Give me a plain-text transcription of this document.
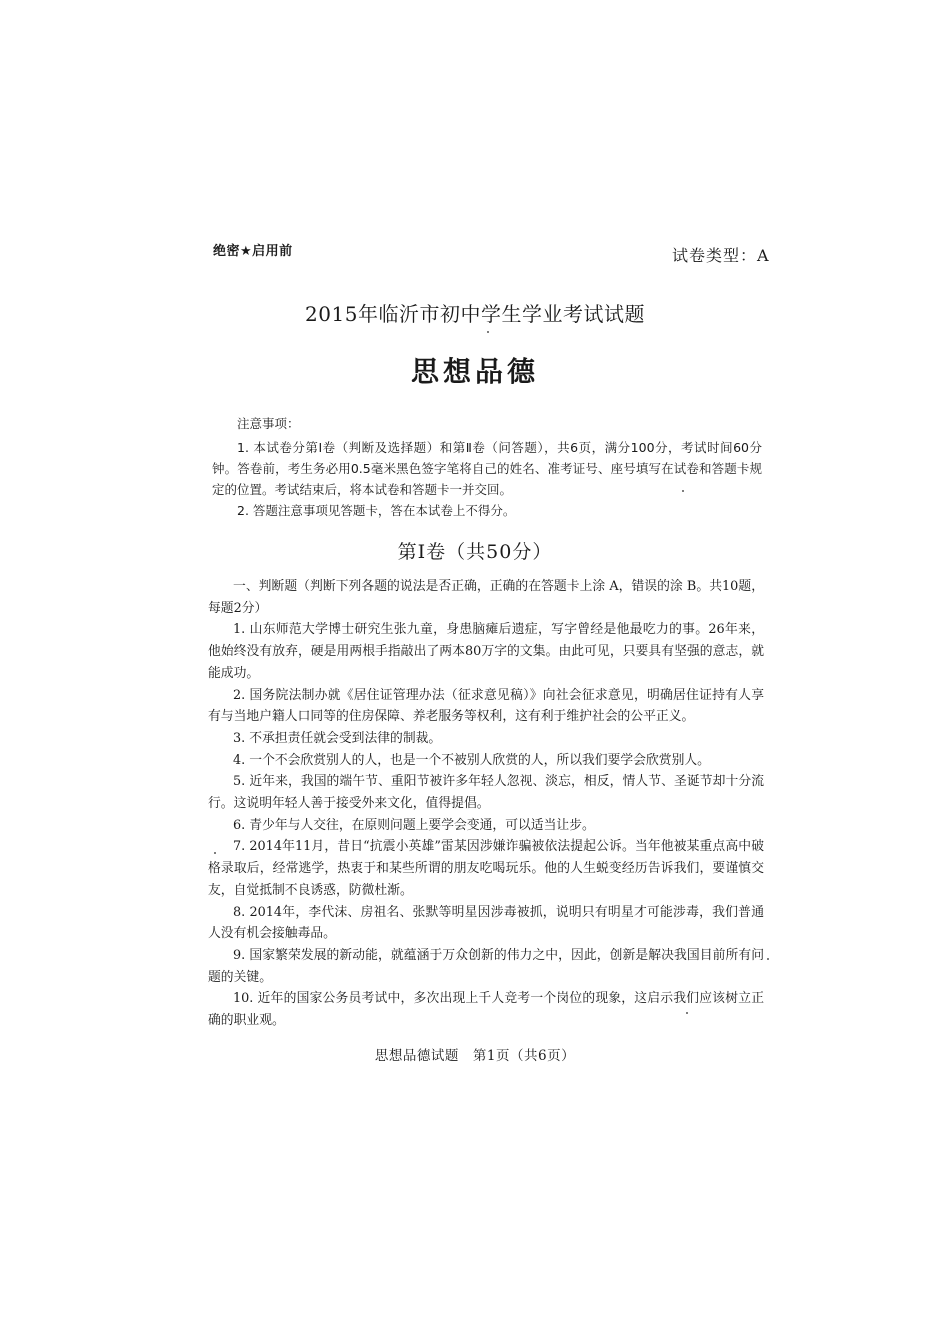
绝密★启用前	试卷类型：A
2015年临沂市初中学生学业考试试题
思想品德
注意事项：

1. 本试卷分第Ⅰ卷（判断及选择题）和第Ⅱ卷（问答题），共6页，满分100分，考试时间60分钟。答卷前，考生务必用0.5毫米黑色签字笔将自己的姓名、准考证号、座号填写在试卷和答题卡规定的位置。考试结束后，将本试卷和答题卡一并交回。

2. 答题注意事项见答题卡，答在本试卷上不得分。

第Ⅰ卷（共50分）

一、判断题（判断下列各题的说法是否正确，正确的在答题卡上涂 A，错误的涂 B。共10题，每题2分）

1. 山东师范大学博士研究生张九童，身患脑瘫后遗症，写字曾经是他最吃力的事。26年来，他始终没有放弃，硬是用两根手指敲出了两本80万字的文集。由此可见，只要具有坚强的意志，就能成功。

2. 国务院法制办就《居住证管理办法（征求意见稿）》向社会征求意见，明确居住证持有人享有与当地户籍人口同等的住房保障、养老服务等权利，这有利于维护社会的公平正义。

3. 不承担责任就会受到法律的制裁。

4. 一个不会欣赏别人的人，也是一个不被别人欣赏的人，所以我们要学会欣赏别人。

5. 近年来，我国的端午节、重阳节被许多年轻人忽视、淡忘，相反，情人节、圣诞节却十分流行。这说明年轻人善于接受外来文化，值得提倡。

6. 青少年与人交往，在原则问题上要学会变通，可以适当让步。

7. 2014年11月，昔日“抗震小英雄”雷某因涉嫌诈骗被依法提起公诉。当年他被某重点高中破格录取后，经常逃学，热衷于和某些所谓的朋友吃喝玩乐。他的人生蜕变经历告诉我们，要谨慎交友，自觉抵制不良诱惑，防微杜渐。

8. 2014年，李代沫、房祖名、张默等明星因涉毒被抓，说明只有明星才可能涉毒，我们普通人没有机会接触毒品。

9. 国家繁荣发展的新动能，就蕴涵于万众创新的伟力之中，因此，创新是解决我国目前所有问题的关键。

10. 近年的国家公务员考试中，多次出现上千人竞考一个岗位的现象，这启示我们应该树立正确的职业观。

思想品德试题　第1页（共6页）
